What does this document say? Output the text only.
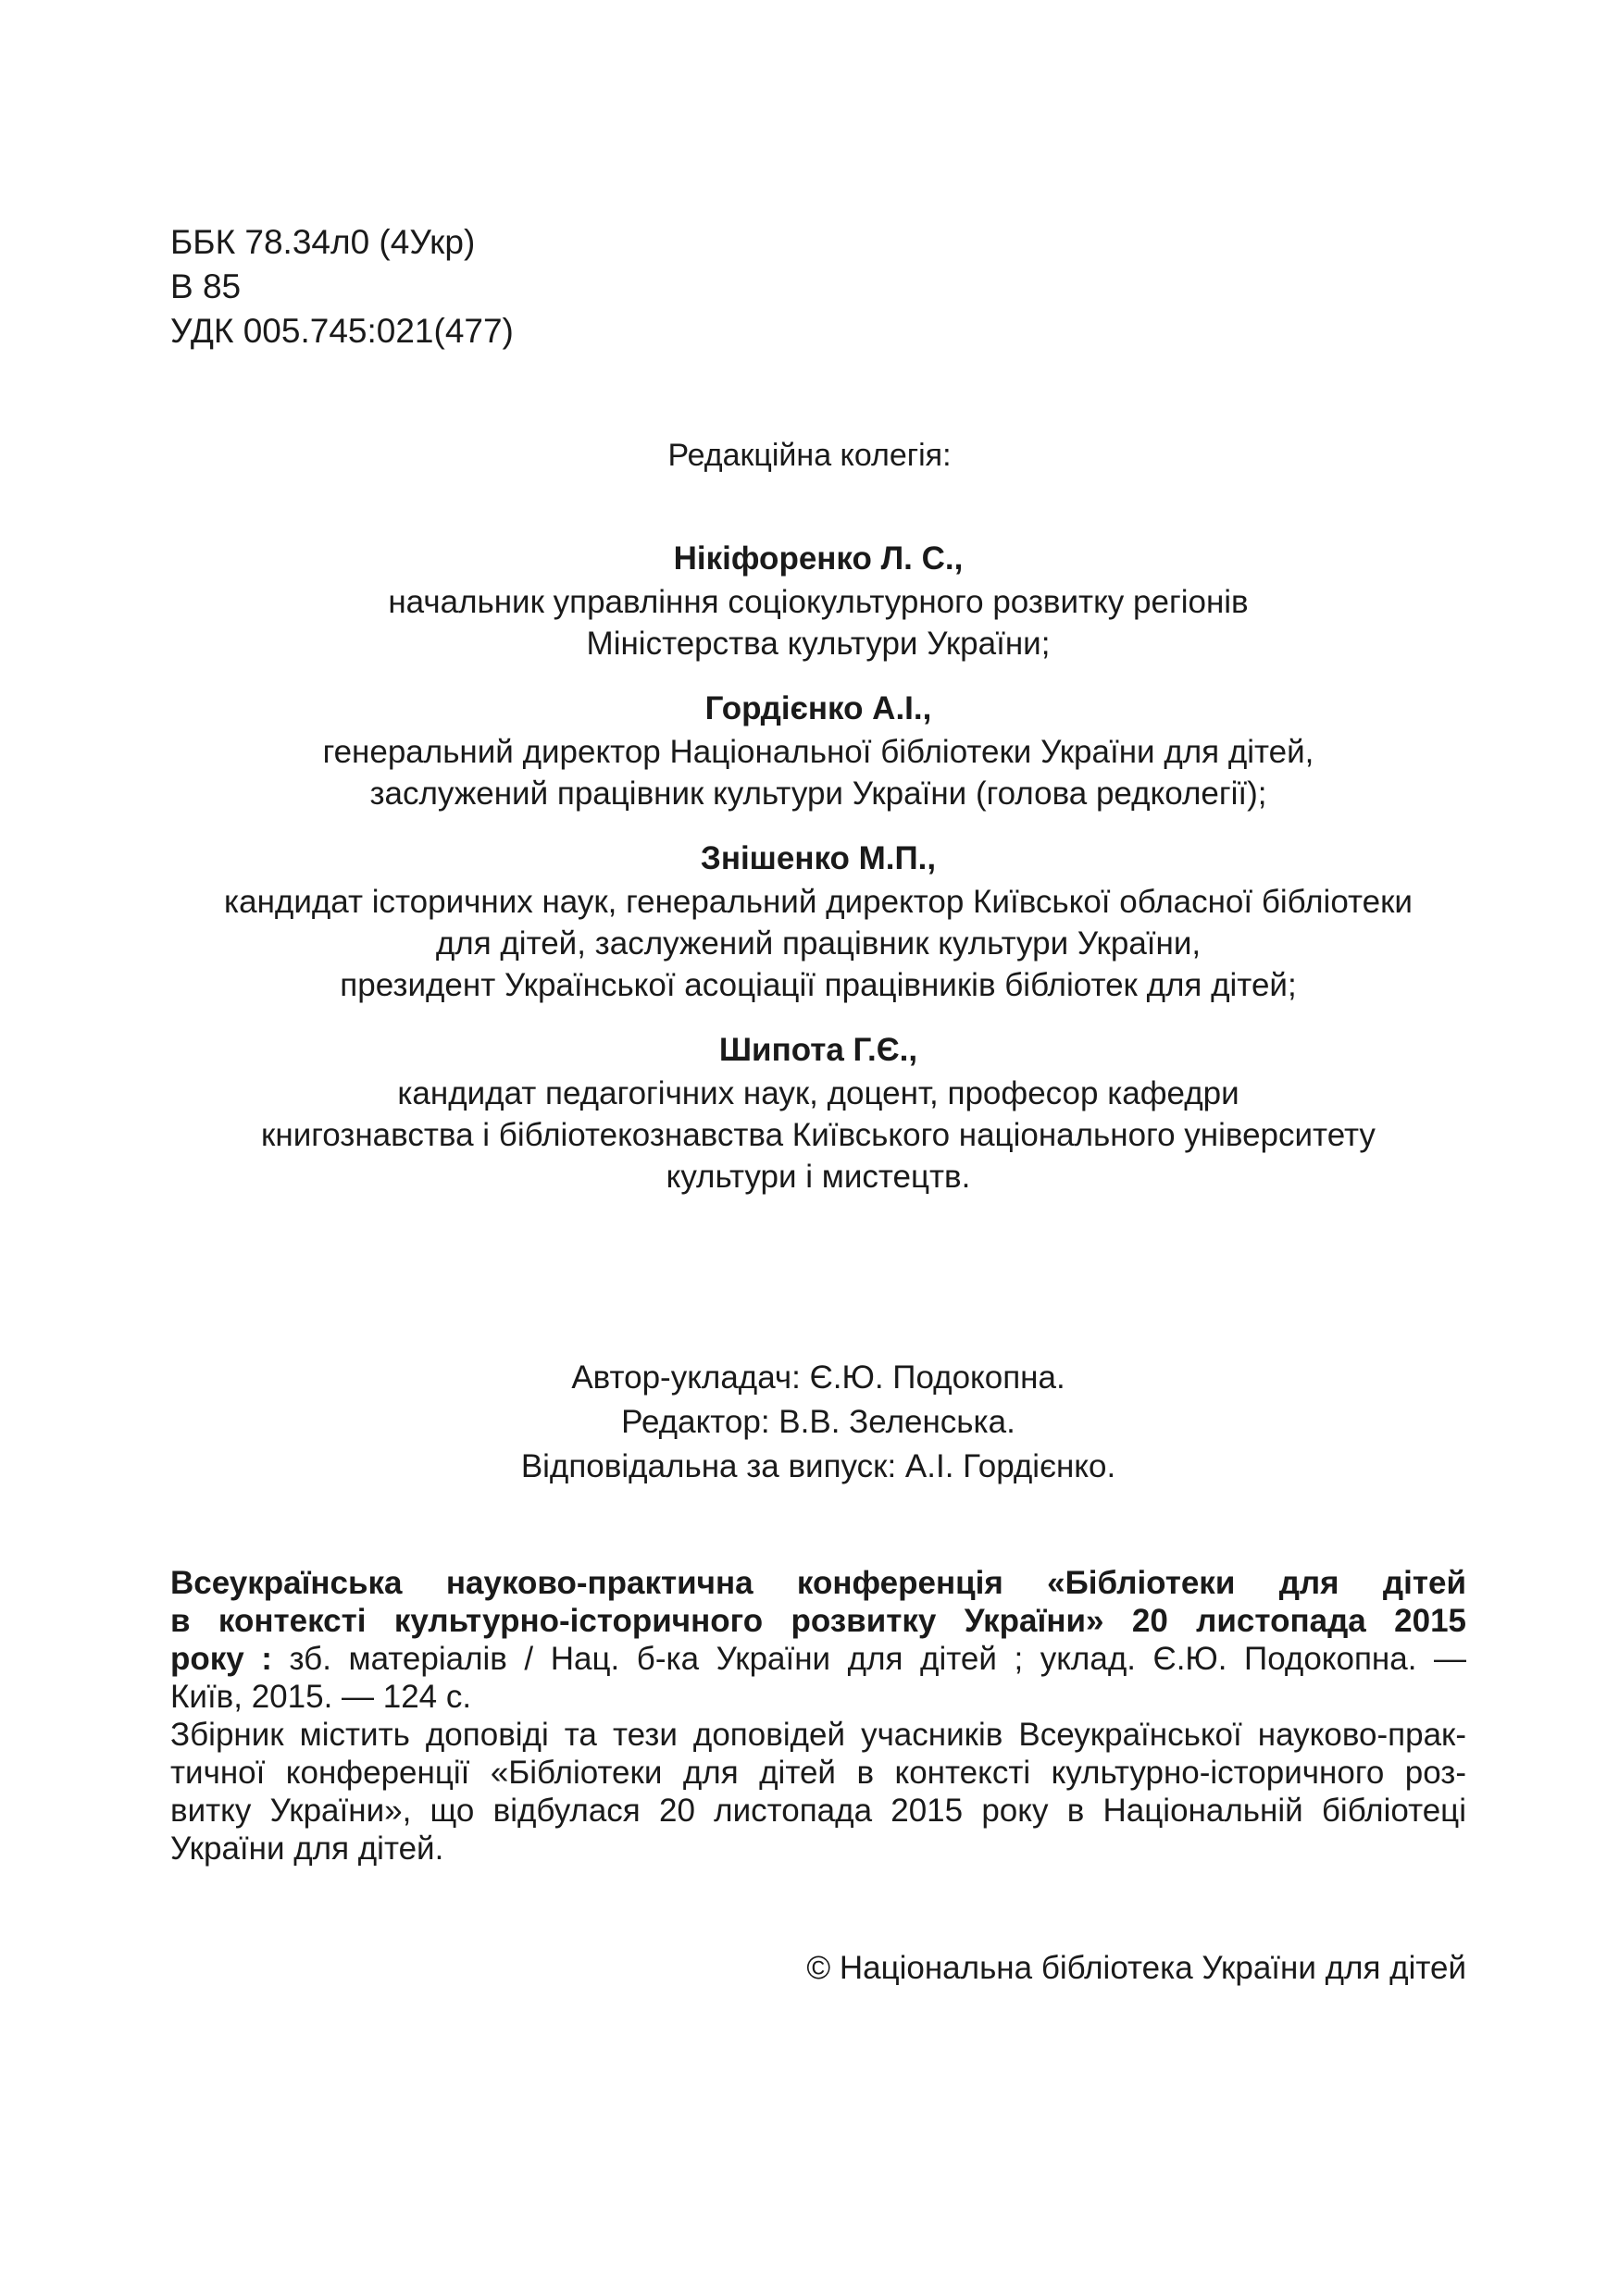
ББК 78.34л0 (4Укр)
В 85
УДК 005.745:021(477)
Редакційна колегія:
Нікіфоренко Л. С.,
начальник управління соціокультурного розвитку регіонів
Міністерства культури України;
Гордієнко А.І.,
генеральний директор Національної бібліотеки України для дітей,
заслужений працівник культури України (голова редколегії);
Знішенко М.П.,
кандидат історичних наук, генеральний директор Київської обласної бібліотеки
для дітей, заслужений працівник культури України,
президент Української асоціації працівників бібліотек для дітей;
Шипота Г.Є.,
кандидат педагогічних наук, доцент, професор кафедри
книгознавства і бібліотекознавства Київського національного університету
культури і мистецтв.
Автор-укладач: Є.Ю. Подокопна.
Редактор: В.В. Зеленська.
Відповідальна за випуск: А.І. Гордієнко.
Всеукраїнська науково-практична конференція «Бібліотеки для дітей
в контексті культурно-історичного розвитку України» 20 листопада 2015
року : зб. матеріалів / Нац. б-ка України для дітей ; уклад. Є.Ю. Подокопна. —
Київ, 2015. — 124 с.
Збірник містить доповіді та тези доповідей учасників Всеукраїнської науково-прак-
тичної конференції «Бібліотеки для дітей в контексті культурно-історичного роз-
витку України», що відбулася 20 листопада 2015 року в Національній бібліотеці
України для дітей.
© Національна бібліотека України для дітей
